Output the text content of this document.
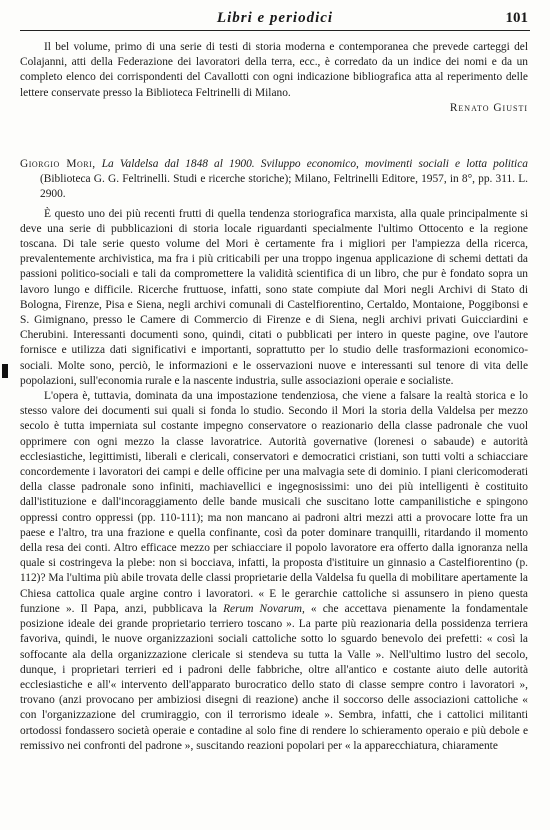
Libri e periodici	101

Il bel volume, primo di una serie di testi di storia moderna e contemporanea che prevede carteggi del Colajanni, atti della Federazione dei lavoratori della terra, ecc., è corredato da un indice dei nomi e da un completo elenco dei corrispondenti del Cavallotti con ogni indicazione bibliografica atta al reperimento delle lettere conservate presso la Biblioteca Feltrinelli di Milano.

Renato Giusti

Giorgio Mori, La Valdelsa dal 1848 al 1900. Sviluppo economico, movimenti sociali e lotta politica (Biblioteca G. G. Feltrinelli. Studi e ricerche storiche); Milano, Feltrinelli Editore, 1957, in 8°, pp. 311. L. 2900.

È questo uno dei più recenti frutti di quella tendenza storiografica marxista, alla quale principalmente si deve una serie di pubblicazioni di storia locale riguardanti specialmente l'ultimo Ottocento e la regione toscana. Di tale serie questo volume del Mori è certamente fra i migliori per l'ampiezza della ricerca, prevalentemente archivistica, ma fra i più criticabili per una troppo ingenua applicazione di schemi dettati da passioni politico-sociali e tali da compromettere la validità scientifica di un libro, che pur è fondato sopra un lavoro lungo e difficile. Ricerche fruttuose, infatti, sono state compiute dal Mori negli Archivi di Stato di Bologna, Firenze, Pisa e Siena, negli archivi comunali di Castelfiorentino, Certaldo, Montaione, Poggibonsi e S. Gimignano, presso le Camere di Commercio di Firenze e di Siena, negli archivi privati Guicciardini e Cherubini. Interessanti documenti sono, quindi, citati o pubblicati per intero in queste pagine, ove l'autore fornisce e utilizza dati significativi e importanti, soprattutto per lo studio delle trasformazioni economico-sociali. Molte sono, perciò, le informazioni e le osservazioni nuove e interessanti sul tenore di vita delle popolazioni, sull'economia rurale e la nascente industria, sulle associazioni operaie e socialiste.

L'opera è, tuttavia, dominata da una impostazione tendenziosa, che viene a falsare la realtà storica e lo stesso valore dei documenti sui quali si fonda lo studio. Secondo il Mori la storia della Valdelsa per mezzo secolo è tutta imperniata sul costante impegno conservatore o reazionario della classe padronale che vuol opprimere con ogni mezzo la classe lavoratrice. Autorità governative (lorenesi o sabaude) e autorità ecclesiastiche, legittimisti, liberali e clericali, conservatori e democratici cristiani, son tutti volti a schiacciare concordemente i lavoratori dei campi e delle officine per una malvagia sete di dominio. I piani clericomoderati della classe padronale sono infiniti, machiavellici e ingegnosissimi: uno dei più intelligenti è costituito dall'istituzione e dall'incoraggiamento delle bande musicali che suscitano lotte campanilistiche e spingono oppressi contro oppressi (pp. 110-111); ma non mancano ai padroni altri mezzi atti a provocare lotte fra un paese e l'altro, tra una frazione e quella confinante, così da poter dominare tranquilli, ritardando il momento della resa dei conti. Altro efficace mezzo per schiacciare il popolo lavoratore era offerto dalla ignoranza nella quale si costringeva la plebe: non si bocciava, infatti, la proposta d'istituire un ginnasio a Castelfiorentino (p. 112)? Ma l'ultima più abile trovata delle classi proprietarie della Valdelsa fu quella di mobilitare apertamente la Chiesa cattolica quale argine contro i lavoratori. « E le gerarchie cattoliche si assunsero in pieno questa funzione ». Il Papa, anzi, pubblicava la Rerum Novarum, « che accettava pienamente la fondamentale posizione ideale dei grande proprietario terriero toscano ». La parte più reazionaria della possidenza terriera favoriva, quindi, le nuove organizzazioni sociali cattoliche sotto lo sguardo benevolo dei prefetti: « così la soffocante ala della organizzazione clericale si stendeva su tutta la Valle ». Nell'ultimo lustro del secolo, dunque, i proprietari terrieri ed i padroni delle fabbriche, oltre all'antico e costante aiuto delle autorità ecclesiastiche e all'« intervento dell'apparato burocratico dello stato di classe sempre contro i lavoratori », trovano (anzi provocano per ambiziosi disegni di reazione) anche il soccorso delle associazioni cattoliche « con l'organizzazione del crumiraggio, con il terrorismo ideale ». Sembra, infatti, che i cattolici militanti ortodossi fondassero società operaie e contadine al solo fine di rendere lo schieramento operaio e più debole e remissivo nei confronti del padrone », suscitando reazioni popolari per « la apparecchiatura, chiaramente
